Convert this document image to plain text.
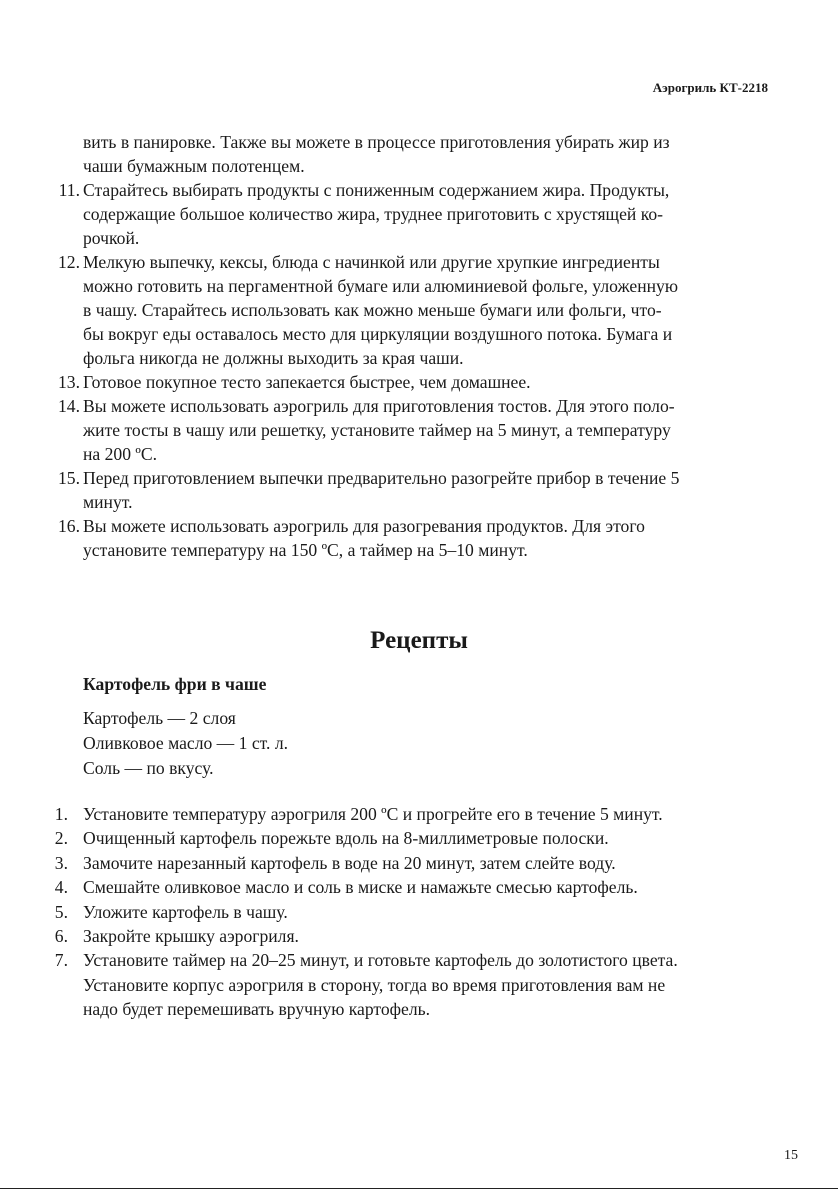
Аэрогриль КТ-2218
вить в панировке. Также вы можете в процессе приготовления убирать жир из
чаши бумажным полотенцем.
11. Старайтесь выбирать продукты с пониженным содержанием жира. Продукты,
содержащие большое количество жира, труднее приготовить с хрустящей ко-
рочкой.
12. Мелкую выпечку, кексы, блюда с начинкой или другие хрупкие ингредиенты
можно готовить на пергаментной бумаге или алюминиевой фольге, уложенную
в чашу. Старайтесь использовать как можно меньше бумаги или фольги, что-
бы вокруг еды оставалось место для циркуляции воздушного потока. Бумага и
фольга никогда не должны выходить за края чаши.
13. Готовое покупное тесто запекается быстрее, чем домашнее.
14. Вы можете использовать аэрогриль для приготовления тостов. Для этого поло-
жите тосты в чашу или решетку, установите таймер на 5 минут, а температуру
на 200 ºС.
15. Перед приготовлением выпечки предварительно разогрейте прибор в течение 5
минут.
16. Вы можете использовать аэрогриль для разогревания продуктов. Для этого
установите температуру на 150 ºС, а таймер на 5–10 минут.
Рецепты
Картофель фри в чаше
Картофель — 2 слоя
Оливковое масло — 1 ст. л.
Соль — по вкусу.
1. Установите температуру аэрогриля 200 ºС и прогрейте его в течение 5 минут.
2. Очищенный картофель порежьте вдоль на 8-миллиметровые полоски.
3. Замочите нарезанный картофель в воде на 20 минут, затем слейте воду.
4. Смешайте оливковое масло и соль в миске и намажьте смесью картофель.
5. Уложите картофель в чашу.
6. Закройте крышку аэрогриля.
7. Установите таймер на 20–25 минут, и готовьте картофель до золотистого цвета.
Установите корпус аэрогриля в сторону, тогда во время приготовления вам не
надо будет перемешивать вручную картофель.
15
